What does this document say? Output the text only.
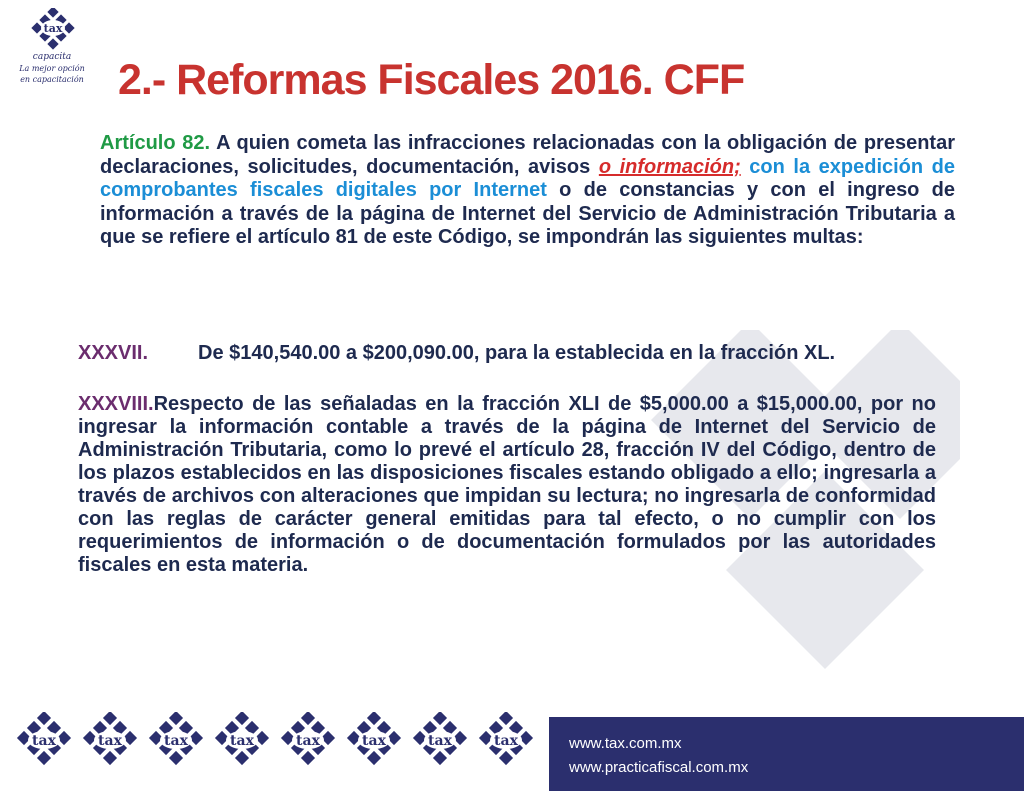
tax
capacita
La mejor opción
en capacitación 2.- Reformas Fiscales 2016. CFF

Artículo 82. A quien cometa las infracciones relacionadas con la obligación de presentar declaraciones, solicitudes, documentación, avisos o información; con la expedición de comprobantes fiscales digitales por Internet o de constancias y con el ingreso de información a través de la página de Internet del Servicio de Administración Tributaria a que se refiere el artículo 81 de este Código, se impondrán las siguientes multas:

XXXVII.	De $140,540.00 a $200,090.00, para la establecida en la fracción XL.

XXXVIII.Respecto de las señaladas en la fracción XLI de $5,000.00 a $15,000.00, por no ingresar la información contable a través de la página de Internet del Servicio de Administración Tributaria, como lo prevé el artículo 28, fracción IV del Código, dentro de los plazos establecidos en las disposiciones fiscales estando obligado a ello; ingresarla a través de archivos con alteraciones que impidan su lectura; no ingresarla de conformidad con las reglas de carácter general emitidas para tal efecto, o no cumplir con los requerimientos de información o de documentación formulados por las autoridades fiscales en esta materia.

tax	tax	tax	tax	tax	tax	tax	tax	www.tax.com.mx
www.practicafiscal.com.mx
